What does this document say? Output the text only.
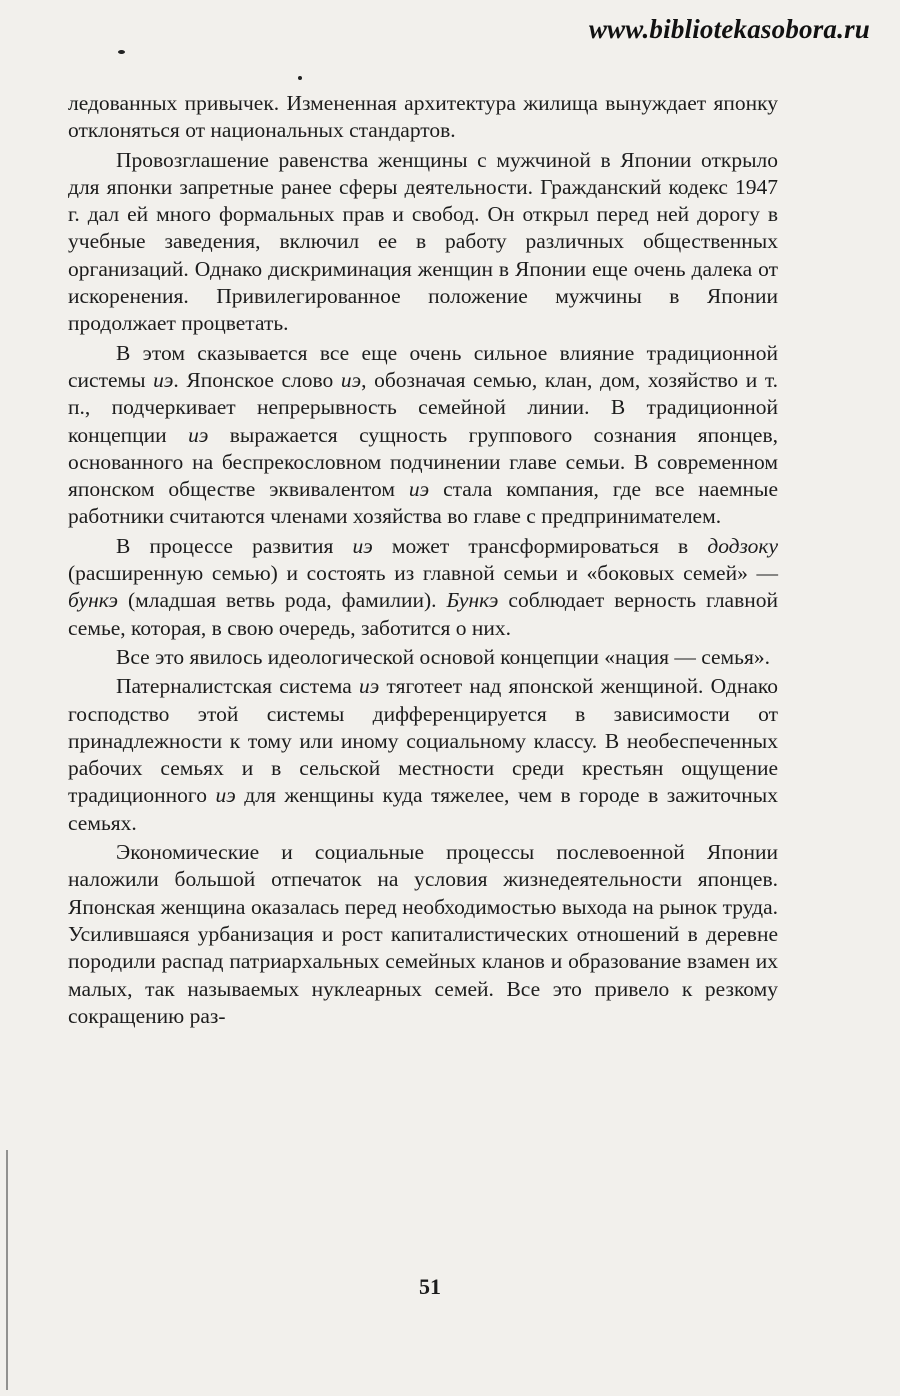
www.bibliotekasobora.ru

ледованных привычек. Измененная архитектура жилища вынуждает японку отклоняться от национальных стандартов.

Провозглашение равенства женщины с мужчиной в Японии открыло для японки запретные ранее сферы деятельности. Гражданский кодекс 1947 г. дал ей много формальных прав и свобод. Он открыл перед ней дорогу в учебные заведения, включил ее в работу различных общественных организаций. Однако дискриминация женщин в Японии еще очень далека от искоренения. Привилегированное положение мужчины в Японии продолжает процветать.

В этом сказывается все еще очень сильное влияние традиционной системы иэ. Японское слово иэ, обозначая семью, клан, дом, хозяйство и т. п., подчеркивает непрерывность семейной линии. В традиционной концепции иэ выражается сущность группового сознания японцев, основанного на беспрекословном подчинении главе семьи. В современном японском обществе эквивалентом иэ стала компания, где все наемные работники считаются членами хозяйства во главе с предпринимателем.

В процессе развития иэ может трансформироваться в додзоку (расширенную семью) и состоять из главной семьи и «боковых семей» — бункэ (младшая ветвь рода, фамилии). Бункэ соблюдает верность главной семье, которая, в свою очередь, заботится о них.

Все это явилось идеологической основой концепции «нация — семья».

Патерналистская система иэ тяготеет над японской женщиной. Однако господство этой системы дифференцируется в зависимости от принадлежности к тому или иному социальному классу. В необеспеченных рабочих семьях и в сельской местности среди крестьян ощущение традиционного иэ для женщины куда тяжелее, чем в городе в зажиточных семьях.

Экономические и социальные процессы послевоенной Японии наложили большой отпечаток на условия жизнедеятельности японцев. Японская женщина оказалась перед необходимостью выхода на рынок труда. Усилившаяся урбанизация и рост капиталистических отношений в деревне породили распад патриархальных семейных кланов и образование взамен их малых, так называемых нуклеарных семей. Все это привело к резкому сокращению раз-

51
